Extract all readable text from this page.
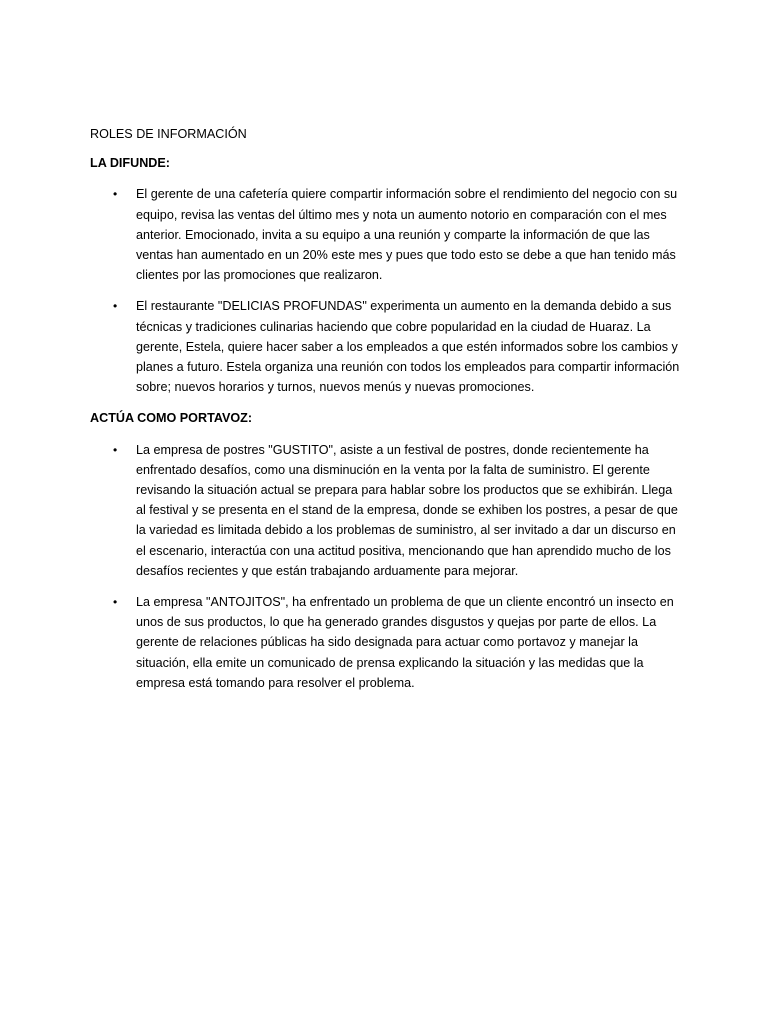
ROLES DE INFORMACIÓN

LA DIFUNDE:

• El gerente de una cafetería quiere compartir información sobre el rendimiento del negocio con su equipo, revisa las ventas del último mes y nota un aumento notorio en comparación con el mes anterior. Emocionado, invita a su equipo a una reunión y comparte la información de que las ventas han aumentado en un 20% este mes y pues que todo esto se debe a que han tenido más clientes por las promociones que realizaron.
• El restaurante "DELICIAS PROFUNDAS" experimenta un aumento en la demanda debido a sus técnicas y tradiciones culinarias haciendo que cobre popularidad en la ciudad de Huaraz. La gerente, Estela, quiere hacer saber a los empleados a que estén informados sobre los cambios y planes a futuro. Estela organiza una reunión con todos los empleados para compartir información sobre; nuevos horarios y turnos, nuevos menús y nuevas promociones.

ACTÚA COMO PORTAVOZ:

• La empresa de postres "GUSTITO", asiste a un festival de postres, donde recientemente ha enfrentado desafíos, como una disminución en la venta por la falta de suministro. El gerente revisando la situación actual se prepara para hablar sobre los productos que se exhibirán. Llega al festival y se presenta en el stand de la empresa, donde se exhiben los postres, a pesar de que la variedad es limitada debido a los problemas de suministro, al ser invitado a dar un discurso en el escenario, interactúa con una actitud positiva, mencionando que han aprendido mucho de los desafíos recientes y que están trabajando arduamente para mejorar.
• La empresa "ANTOJITOS", ha enfrentado un problema de que un cliente encontró un insecto en unos de sus productos, lo que ha generado grandes disgustos y quejas por parte de ellos. La gerente de relaciones públicas ha sido designada para actuar como portavoz y manejar la situación, ella emite un comunicado de prensa explicando la situación y las medidas que la empresa está tomando para resolver el problema.
